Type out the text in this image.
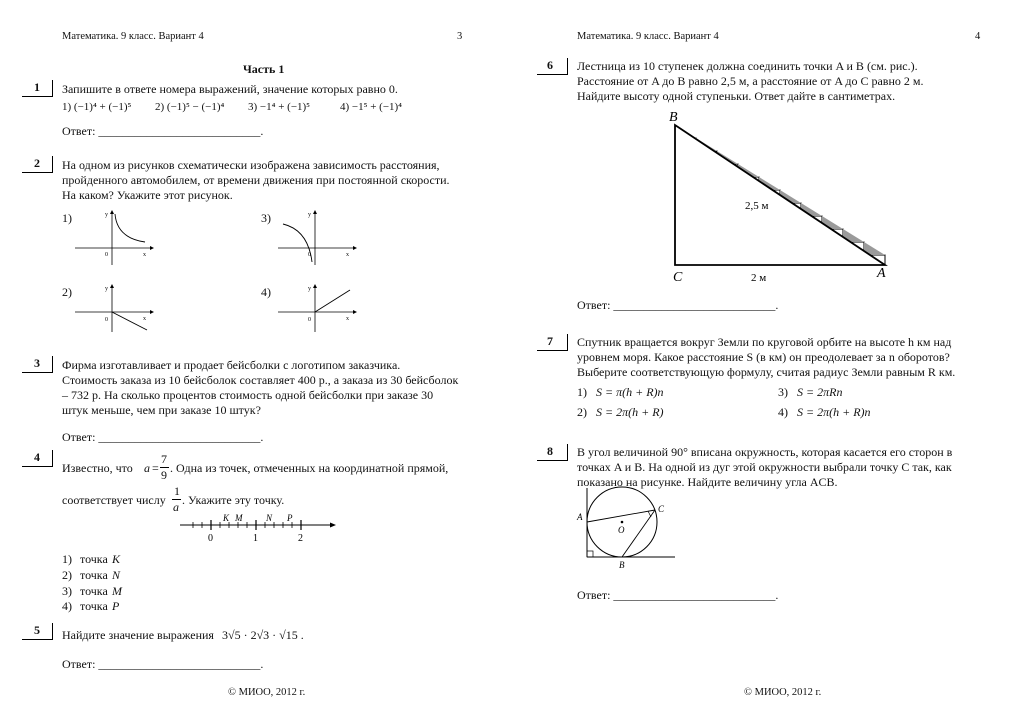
Математика. 9 класс. Вариант 4	3
Часть 1
1 Запишите в ответе номера выражений, значение которых равно 0.
1) (−1)⁴ + (−1)⁵ 2) (−1)⁵ − (−1)⁴ 3) −1⁴ + (−1)⁵	4) −1⁵ + (−1)⁴
Ответ: ___________________________.
2 На одном из рисунков схематически изображена зависимость расстояния,
пройденного автомобилем, от времени движения при постоянной скорости.
На каком? Укажите этот рисунок.
1)	3)
2)	4)
y
x
0
y
x
0
y
x
0
y
x
0
3 Фирма изготавливает и продает бейсболки с логотипом заказчика.
Стоимость заказа из 10 бейсболок составляет 400 р., а заказа из 30 бейсболок
– 732 р. На сколько процентов стоимость одной бейсболки при заказе 30
штук меньше, чем при заказе 10 штук?
Ответ: ___________________________.
4
Известно, что a =
7
9 . Одна из точек, отмеченных на координатной прямой,
соответствует числу
1
a . Укажите эту точку.
0	1	2
K M	N P
1) точка K
2) точка N
3) точка M
4) точка P
5 Найдите значение выражения 3√5 · 2√3 · √15 .
Ответ: ___________________________.
© МИОО, 2012 г.
Математика. 9 класс. Вариант 4	4
6 Лестница из 10 ступенек должна соединить точки A и B (см. рис.).
Расстояние от A до B равно 2,5 м, а расстояние от A до C равно 2 м.
Найдите высоту одной ступеньки. Ответ дайте в сантиметрах.
B
C	A
2,5 м
2 м
Ответ: ___________________________.
7 Спутник вращается вокруг Земли по круговой орбите на высоте h км над
уровнем моря. Какое расстояние S (в км) он преодолевает за n оборотов?
Выберите соответствующую формулу, считая радиус Земли равным R км.
1) S = π(h + R)n	3) S = 2πRn
2) S = 2π(h + R)	4) S = 2π(h + R)n
8 В угол величиной 90° вписана окружность, которая касается его сторон в
точках A и B. На одной из дуг этой окружности выбрали точку C так, как
показано на рисунке. Найдите величину угла ACB.
A
B
C
O
Ответ: ___________________________.
© МИОО, 2012 г.
